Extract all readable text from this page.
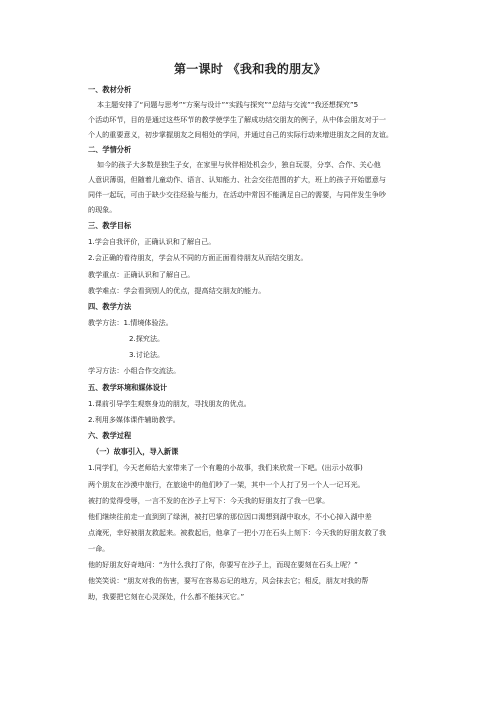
第一课时 《我和我的朋友》
一、教材分析
本主题安排了“问题与思考”“方案与设计”“实践与探究”“总结与交流”“我还想探究”5
个活动环节，目的是通过这些环节的教学使学生了解成功结交朋友的例子，从中体会朋友对于一
个人的重要意义，初步掌握朋友之间相处的学问，并通过自己的实际行动来增进朋友之间的友谊。
二、学情分析
如今的孩子大多数是独生子女，在家里与伙伴相处机会少，独自玩耍，分享、合作、关心他
人意识薄弱，但随着儿童动作、语言、认知能力、社会交往范围的扩大，班上的孩子开始愿意与
同伴一起玩，可由于缺少交往经验与能力，在活动中常因不能满足自己的需要，与同伴发生争吵
的现象。
三、教学目标
1.学会自我评价，正确认识和了解自己。
2.会正确的看待朋友，学会从不同的方面正面看待朋友从而结交朋友。
教学重点：正确认识和了解自己。
教学难点：学会看到别人的优点，提高结交朋友的能力。
四、教学方法
教学方法：1.情境体验法。
2.探究法。
3.讨论法。
学习方法：小组合作交流法。
五、教学环境和媒体设计
1.课前引导学生观察身边的朋友，寻找朋友的优点。
2.利用多媒体课件辅助教学。
六、教学过程
（一）故事引入，导入新课
1.同学们，今天老师给大家带来了一个有趣的小故事，我们来欣赏一下吧。(出示小故事)
两个朋友在沙漠中旅行，在旅途中的他们吵了一架，其中一个人打了另一个人一记耳光。
被打的觉得受辱，一言不发的在沙子上写下：今天我的好朋友打了我一巴掌。
他们继续往前走一直到到了绿洲，被打巴掌的那位因口渴想到湖中取水，不小心掉入湖中差
点淹死，幸好被朋友救起来。被救起后，他拿了一把小刀在石头上刻下：今天我的好朋友救了我
一命。
他的好朋友好奇地问：“为什么我打了你，你要写在沙子上，而现在要刻在石头上呢？”
他笑笑说：“朋友对我的伤害，要写在容易忘记的地方，风会抹去它；相反，朋友对我的帮
助，我要把它刻在心灵深处，什么都不能抹灭它。”
